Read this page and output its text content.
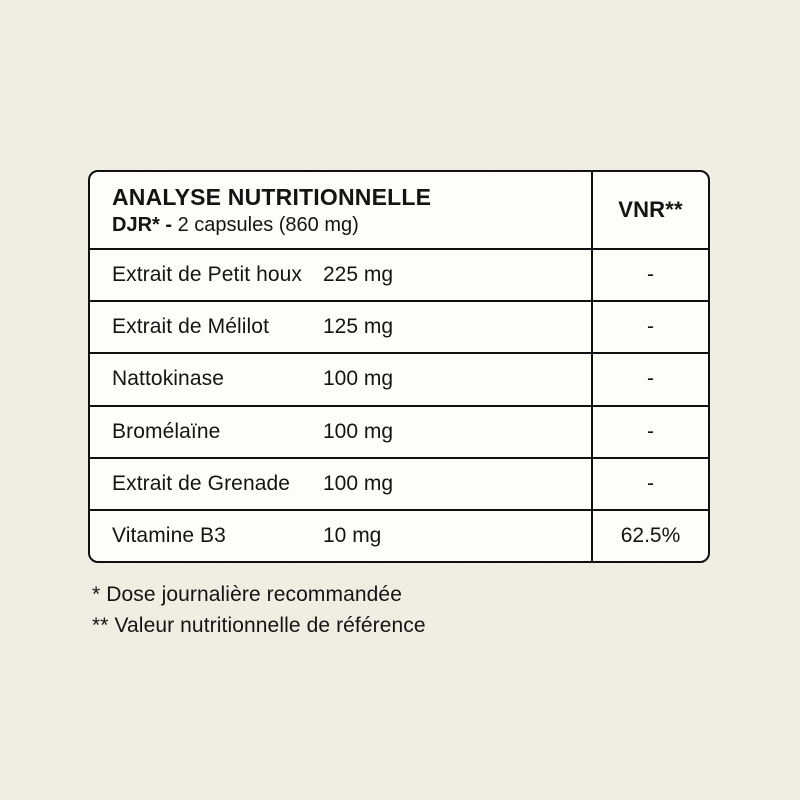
ANALYSE NUTRITIONNELLE
DJR* - 2 capsules (860 mg)
VNR**
Extrait de Petit houx 225 mg	-
Extrait de Mélilot	125 mg	-
Nattokinase	100 mg	-
Bromélaïne	100 mg	-
Extrait de Grenade	100 mg	-
Vitamine B3	10 mg	62.5%
* Dose journalière recommandée
** Valeur nutritionnelle de référence
